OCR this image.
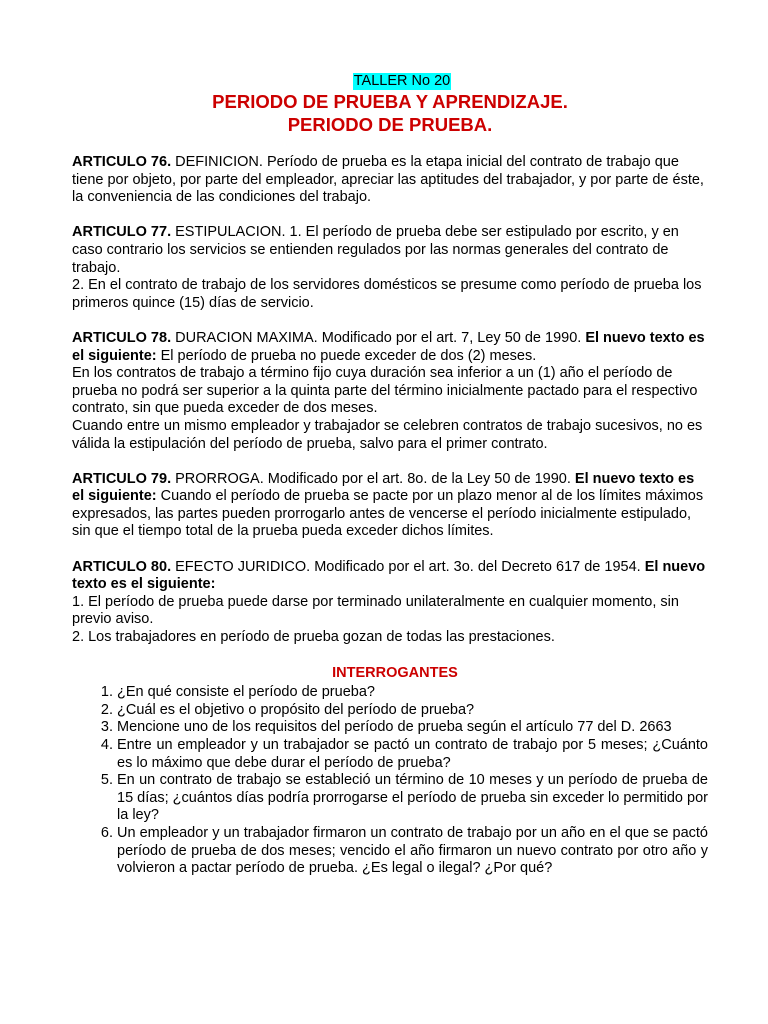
TALLER No 20

PERIODO DE PRUEBA Y APRENDIZAJE.

PERIODO DE PRUEBA.

ARTICULO 76. DEFINICION. Período de prueba es la etapa inicial del contrato de trabajo que tiene por objeto, por parte del empleador, apreciar las aptitudes del trabajador, y por parte de éste, la conveniencia de las condiciones del trabajo.

ARTICULO 77. ESTIPULACION. 1. El período de prueba debe ser estipulado por escrito, y en caso contrario los servicios se entienden regulados por las normas generales del contrato de trabajo.

2. En el contrato de trabajo de los servidores domésticos se presume como período de prueba los primeros quince (15) días de servicio.

ARTICULO 78. DURACION MAXIMA. Modificado por el art. 7, Ley 50 de 1990. El nuevo texto es el siguiente: El período de prueba no puede exceder de dos (2) meses.

En los contratos de trabajo a término fijo cuya duración sea inferior a un (1) año el período de prueba no podrá ser superior a la quinta parte del término inicialmente pactado para el respectivo contrato, sin que pueda exceder de dos meses.

Cuando entre un mismo empleador y trabajador se celebren contratos de trabajo sucesivos, no es válida la estipulación del período de prueba, salvo para el primer contrato.

ARTICULO 79. PRORROGA. Modificado por el art. 8o. de la Ley 50 de 1990. El nuevo texto es el siguiente: Cuando el período de prueba se pacte por un plazo menor al de los límites máximos expresados, las partes pueden prorrogarlo antes de vencerse el período inicialmente estipulado, sin que el tiempo total de la prueba pueda exceder dichos límites.

ARTICULO 80. EFECTO JURIDICO. Modificado por el art. 3o. del Decreto 617 de 1954. El nuevo texto es el siguiente:

1. El período de prueba puede darse por terminado unilateralmente en cualquier momento, sin previo aviso.

2. Los trabajadores en período de prueba gozan de todas las prestaciones.

INTERROGANTES

1. ¿En qué consiste el período de prueba?
2. ¿Cuál es el objetivo o propósito del período de prueba?
3. Mencione uno de los requisitos del período de prueba según el artículo 77 del D. 2663
4. Entre un empleador y un trabajador se pactó un contrato de trabajo por 5 meses; ¿Cuánto es lo máximo que debe durar el período de prueba?
5. En un contrato de trabajo se estableció un término de 10 meses y un período de prueba de 15 días; ¿cuántos días podría prorrogarse el período de prueba sin exceder lo permitido por la ley?
6. Un empleador y un trabajador firmaron un contrato de trabajo por un año en el que se pactó período de prueba de dos meses; vencido el año firmaron un nuevo contrato por otro año y volvieron a pactar período de prueba. ¿Es legal o ilegal? ¿Por qué?
